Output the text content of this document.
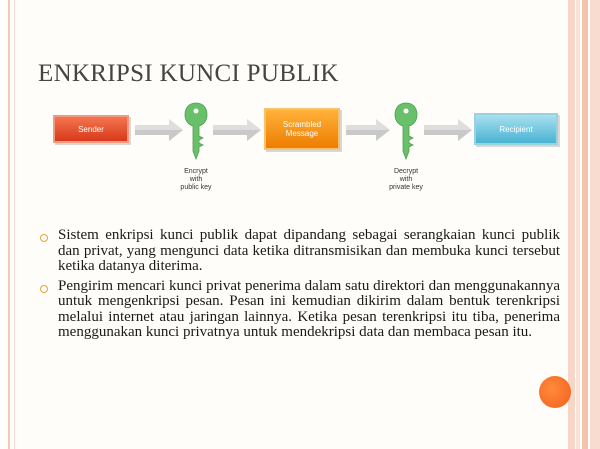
ENKRIPSI KUNCI PUBLIK
Sender
Encrypt
with
public key
Scrambled Message
Decrypt
with
private key
Recipient
Sistem enkripsi kunci publik dapat dipandang sebagai serangkaian kunci publik dan privat, yang mengunci data ketika ditransmisikan dan membuka kunci tersebut ketika datanya diterima.
Pengirim mencari kunci privat penerima dalam satu direktori dan menggunakannya untuk mengenkripsi pesan. Pesan ini kemudian dikirim dalam bentuk terenkripsi melalui internet atau jaringan lainnya. Ketika pesan terenkripsi itu tiba, penerima menggunakan kunci privatnya untuk mendekripsi data dan membaca pesan itu.
